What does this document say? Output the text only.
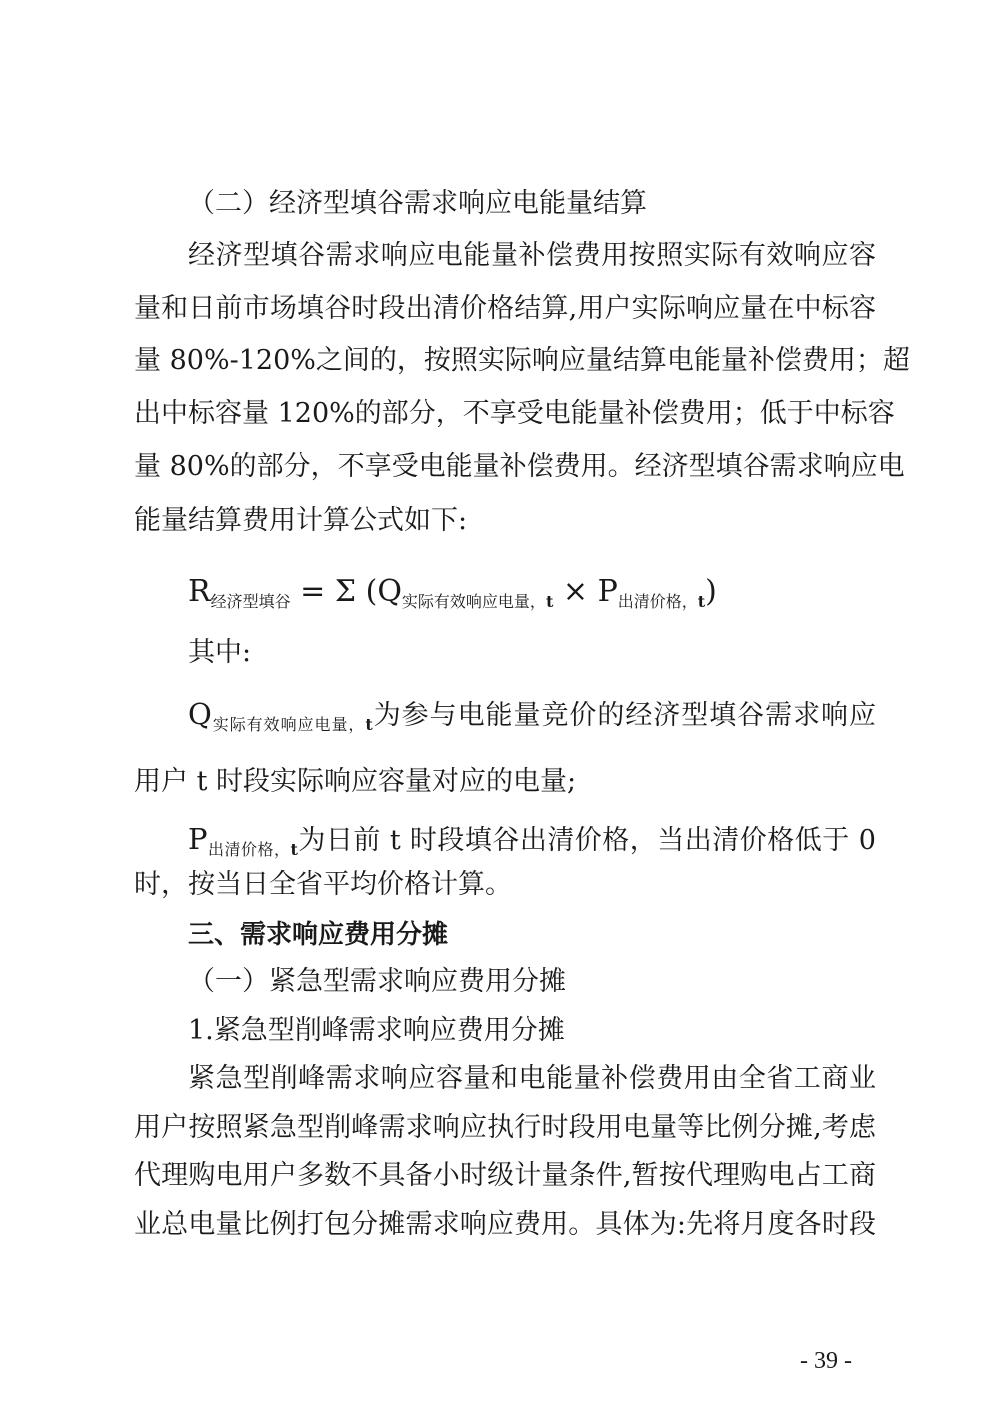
（二）经济型填谷需求响应电能量结算
经济型填谷需求响应电能量补偿费用按照实际有效响应容
量和日前市场填谷时段出清价格结算,用户实际响应量在中标容
量 80%-120%之间的，按照实际响应量结算电能量补偿费用；超
出中标容量 120%的部分，不享受电能量补偿费用；低于中标容
量 80%的部分，不享受电能量补偿费用。经济型填谷需求响应电
能量结算费用计算公式如下:
$R_{经济型填谷} = \Sigma$ $(Q_{实际有效响应电量,t} \times P_{出清价格,t})$
其中:
$Q_{实际有效响应电量,t}$为参与电能量竞价的经济型填谷需求响应
用户 t 时段实际响应容量对应的电量;
$P_{出清价格,t}$为日前 t 时段填谷出清价格，当出清价格低于 0
时，按当日全省平均价格计算。
三、需求响应费用分摊
（一）紧急型需求响应费用分摊
1.紧急型削峰需求响应费用分摊
紧急型削峰需求响应容量和电能量补偿费用由全省工商业
用户按照紧急型削峰需求响应执行时段用电量等比例分摊,考虑
代理购电用户多数不具备小时级计量条件,暂按代理购电占工商
业总电量比例打包分摊需求响应费用。具体为:先将月度各时段
- 39 -
